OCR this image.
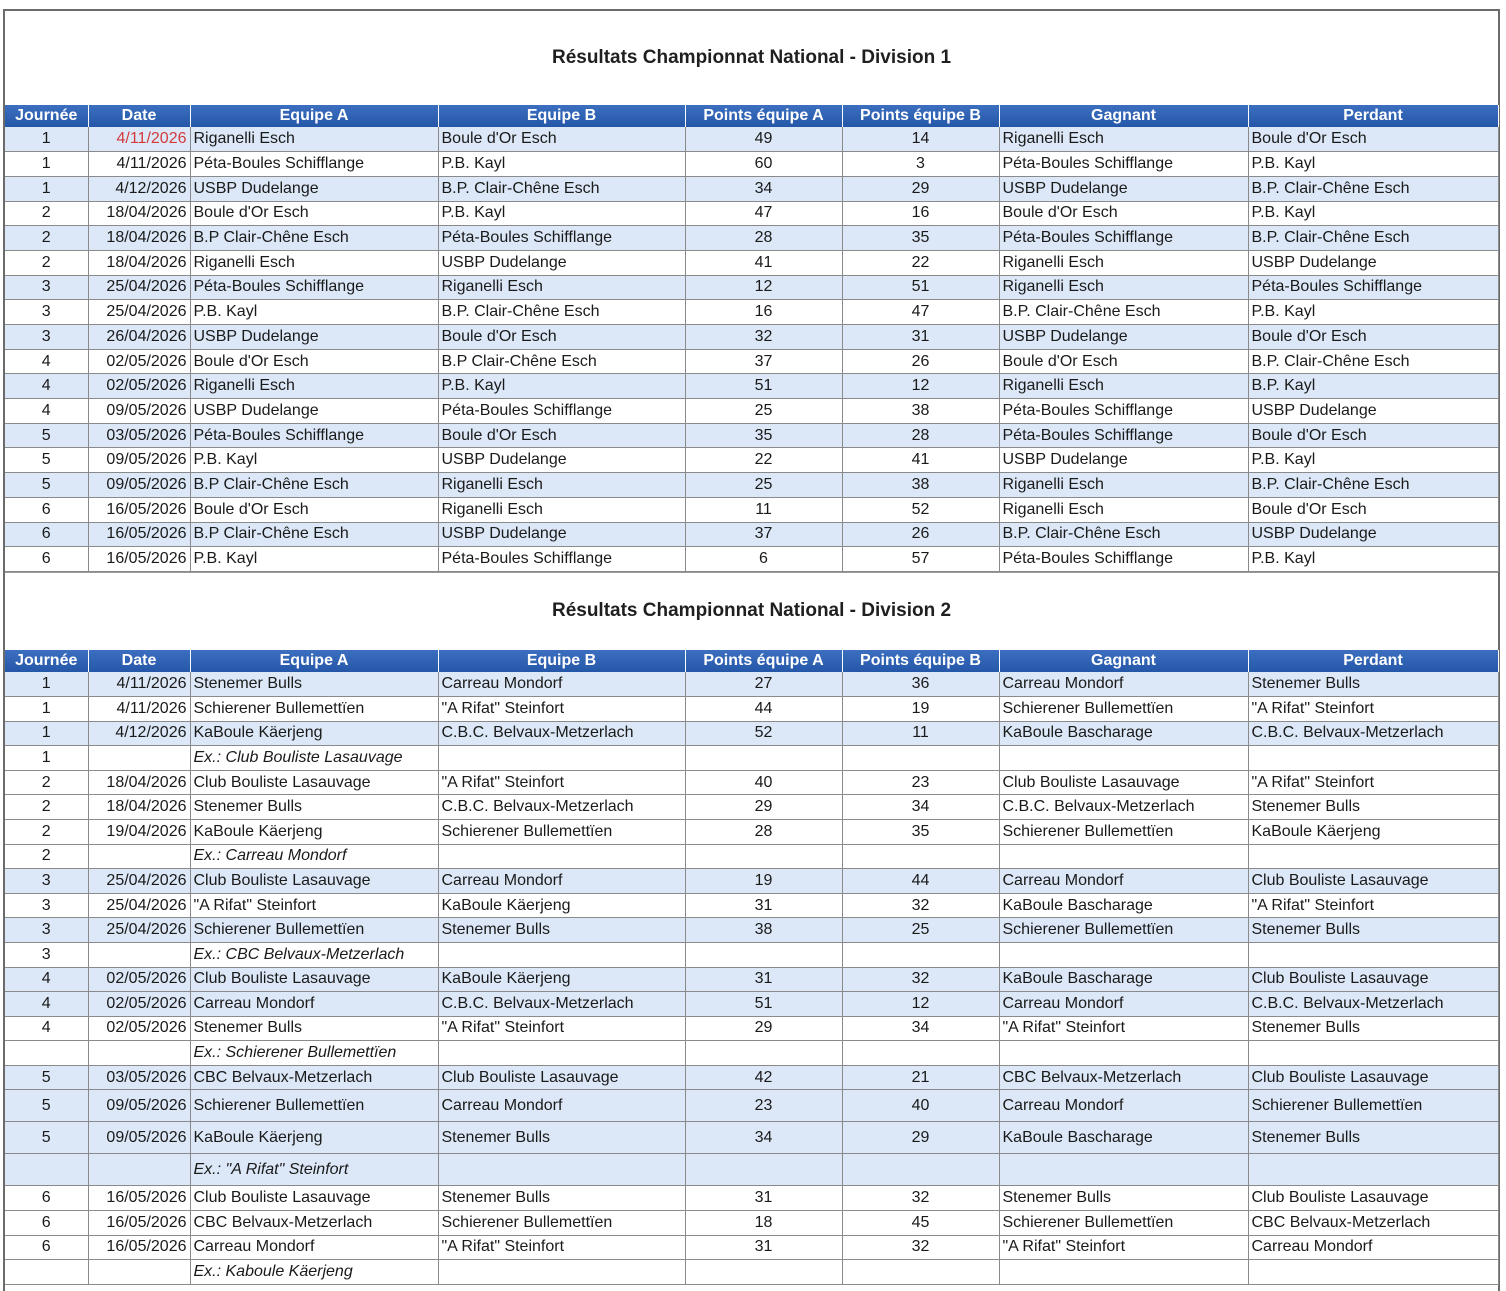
Résultats Championnat National - Division 1
Journée	Date	Equipe A	Equipe B	Points équipe A	Points équipe B	Gagnant	Perdant
1	4/11/2026	Riganelli Esch	Boule d'Or Esch	49	14	Riganelli Esch	Boule d'Or Esch
1	4/11/2026	Péta-Boules Schifflange	P.B. Kayl	60	3	Péta-Boules Schifflange	P.B. Kayl
1	4/12/2026	USBP Dudelange	B.P. Clair-Chêne Esch	34	29	USBP Dudelange	B.P. Clair-Chêne Esch
2	18/04/2026	Boule d'Or Esch	P.B. Kayl	47	16	Boule d'Or Esch	P.B. Kayl
2	18/04/2026	B.P Clair-Chêne Esch	Péta-Boules Schifflange	28	35	Péta-Boules Schifflange	B.P. Clair-Chêne Esch
2	18/04/2026	Riganelli Esch	USBP Dudelange	41	22	Riganelli Esch	USBP Dudelange
3	25/04/2026	Péta-Boules Schifflange	Riganelli Esch	12	51	Riganelli Esch	Péta-Boules Schifflange
3	25/04/2026	P.B. Kayl	B.P. Clair-Chêne Esch	16	47	B.P. Clair-Chêne Esch	P.B. Kayl
3	26/04/2026	USBP Dudelange	Boule d'Or Esch	32	31	USBP Dudelange	Boule d'Or Esch
4	02/05/2026	Boule d'Or Esch	B.P Clair-Chêne Esch	37	26	Boule d'Or Esch	B.P. Clair-Chêne Esch
4	02/05/2026	Riganelli Esch	P.B. Kayl	51	12	Riganelli Esch	B.P. Kayl
4	09/05/2026	USBP Dudelange	Péta-Boules Schifflange	25	38	Péta-Boules Schifflange	USBP Dudelange
5	03/05/2026	Péta-Boules Schifflange	Boule d'Or Esch	35	28	Péta-Boules Schifflange	Boule d'Or Esch
5	09/05/2026	P.B. Kayl	USBP Dudelange	22	41	USBP Dudelange	P.B. Kayl
5	09/05/2026	B.P Clair-Chêne Esch	Riganelli Esch	25	38	Riganelli Esch	B.P. Clair-Chêne Esch
6	16/05/2026	Boule d'Or Esch	Riganelli Esch	11	52	Riganelli Esch	Boule d'Or Esch
6	16/05/2026	B.P Clair-Chêne Esch	USBP Dudelange	37	26	B.P. Clair-Chêne Esch	USBP Dudelange
6	16/05/2026	P.B. Kayl	Péta-Boules Schifflange	6	57	Péta-Boules Schifflange	P.B. Kayl
Résultats Championnat National - Division 2
Journée	Date	Equipe A	Equipe B	Points équipe A	Points équipe B	Gagnant	Perdant
1	4/11/2026	Stenemer Bulls	Carreau Mondorf	27	36	Carreau Mondorf	Stenemer Bulls
1	4/11/2026	Schierener Bullemettïen	"A Rifat" Steinfort	44	19	Schierener Bullemettïen	"A Rifat" Steinfort
1	4/12/2026	KaBoule Käerjeng	C.B.C. Belvaux-Metzerlach	52	11	KaBoule Bascharage	C.B.C. Belvaux-Metzerlach
1		Ex.: Club Bouliste Lasauvage					
2	18/04/2026	Club Bouliste Lasauvage	"A Rifat" Steinfort	40	23	Club Bouliste Lasauvage	"A Rifat" Steinfort
2	18/04/2026	Stenemer Bulls	C.B.C. Belvaux-Metzerlach	29	34	C.B.C. Belvaux-Metzerlach	Stenemer Bulls
2	19/04/2026	KaBoule Käerjeng	Schierener Bullemettïen	28	35	Schierener Bullemettïen	KaBoule Käerjeng
2		Ex.: Carreau Mondorf					
3	25/04/2026	Club Bouliste Lasauvage	Carreau Mondorf	19	44	Carreau Mondorf	Club Bouliste Lasauvage
3	25/04/2026	"A Rifat" Steinfort	KaBoule Käerjeng	31	32	KaBoule Bascharage	"A Rifat" Steinfort
3	25/04/2026	Schierener Bullemettïen	Stenemer Bulls	38	25	Schierener Bullemettïen	Stenemer Bulls
3		Ex.: CBC Belvaux-Metzerlach					
4	02/05/2026	Club Bouliste Lasauvage	KaBoule Käerjeng	31	32	KaBoule Bascharage	Club Bouliste Lasauvage
4	02/05/2026	Carreau Mondorf	C.B.C. Belvaux-Metzerlach	51	12	Carreau Mondorf	C.B.C. Belvaux-Metzerlach
4	02/05/2026	Stenemer Bulls	"A Rifat" Steinfort	29	34	"A Rifat" Steinfort	Stenemer Bulls
		Ex.: Schierener Bullemettïen					
5	03/05/2026	CBC Belvaux-Metzerlach	Club Bouliste Lasauvage	42	21	CBC Belvaux-Metzerlach	Club Bouliste Lasauvage
5	09/05/2026	Schierener Bullemettïen	Carreau Mondorf	23	40	Carreau Mondorf	Schierener Bullemettïen
5	09/05/2026	KaBoule Käerjeng	Stenemer Bulls	34	29	KaBoule Bascharage	Stenemer Bulls
		Ex.: "A Rifat" Steinfort					
6	16/05/2026	Club Bouliste Lasauvage	Stenemer Bulls	31	32	Stenemer Bulls	Club Bouliste Lasauvage
6	16/05/2026	CBC Belvaux-Metzerlach	Schierener Bullemettïen	18	45	Schierener Bullemettïen	CBC Belvaux-Metzerlach
6	16/05/2026	Carreau Mondorf	"A Rifat" Steinfort	31	32	"A Rifat" Steinfort	Carreau Mondorf
		Ex.: Kaboule Käerjeng					
